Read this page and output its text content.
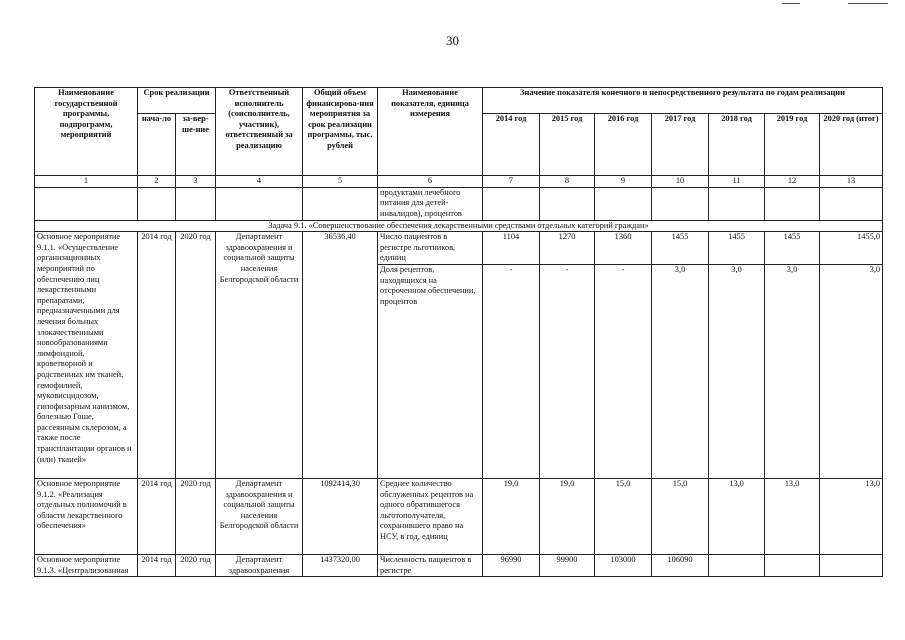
30
Наименование государственной программы, подпрограмм, мероприятий	Срок реализации		Ответственный исполнитель (соисполнитель, участник), ответственный за реализацию	Общий объем финансирова-ния мероприятия за срок реализации программы, тыс. рублей	Наименование показателя, единица измерения	Значение показателя конечного и непосредственного результата по годам реализации						
	нача-ло	за-вер-ше-ние				2014 год	2015 год	2016 год	2017 год	2018 год	2019 год	2020 год (итог)
1	2	3	4	5	6	7	8	9	10	11	12	13
					продуктами лечебного питания для детей-инвалидов), процентов							
Задача 9.1. «Совершенствование обеспечения лекарственными средствами отдельных категорий граждан»												
Основное мероприятие 9.1.1. «Осуществление организационных мероприятий по обеспечению лиц лекарственными препаратами, предназначенными для лечения больных злокачественными новообразованиями лимфоидной, кроветворной и родственных им тканей, гемофилией, муковисцидозом, гипофизарным нанизмом, болезнью Гоше, рассеянным склерозом, а также после трансплантации органов и (или) тканей»	2014 год	2020 год	Департамент здравоохранения и социальной защиты населения Белгородской области	36536,40	Число пациентов в регистре льготников, единиц	1104	1270	1360	1455	1455	1455	1455,0
					Доля рецептов, находящихся на отсроченном обеспечении, процентов	-	-	-	3,0	3,0	3,0	3,0
Основное мероприятие 9.1.2. «Реализация отдельных полномочий в области лекарственного обеспечения»	2014 год	2020 год	Департамент здравоохранения и социальной защиты населения Белгородской области	1092414,30	Среднее количество обслуженных рецептов на одного обратившегося льготополучателя, сохранившего право на НСУ, в год, единиц	19,0	19,0	15,0	15,0	13,0	13,0	13,0
Основное мероприятие 9.1.3. «Централизованная	2014 год	2020 год	Департамент здравоохранения	1437320,00	Численность пациентов в регистре	96990	99900	103000	106090			
